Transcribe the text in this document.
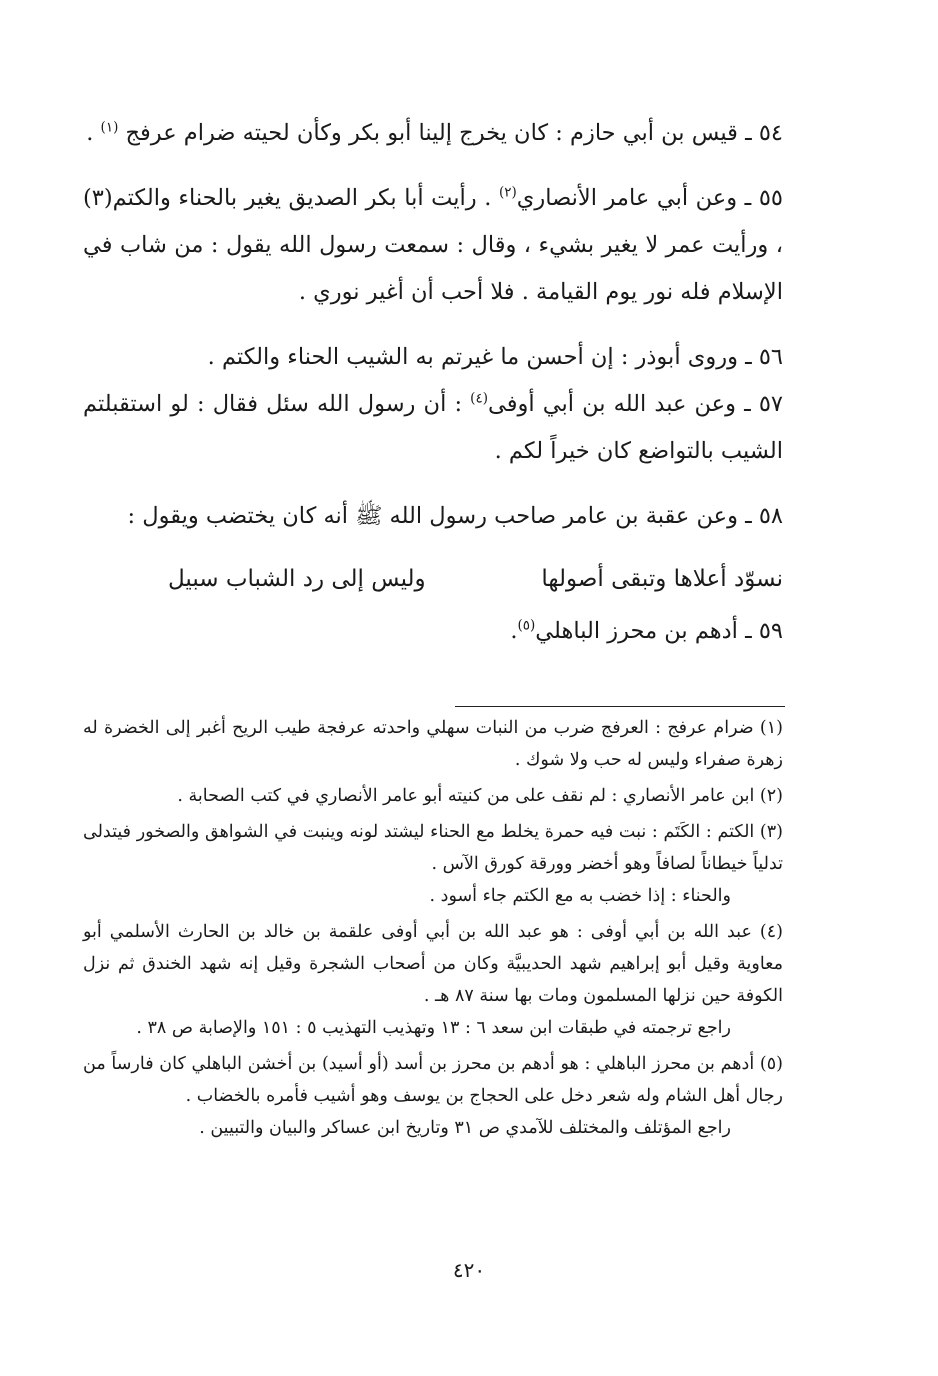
٥٤ ـ قيس بن أبي حازم : كان يخرج إلينا أبو بكر وكأن لحيته ضرام عرفج $^{(١)}$ .

٥٥ ـ وعن أبي عامر الأنصاري$^{(٢)}$ . رأيت أبا بكر الصديق يغير بالحناء والكتم(٣) ، ورأيت عمر لا يغير بشيء ، وقال : سمعت رسول الله يقول : من شاب في الإسلام فله نور يوم القيامة . فلا أحب أن أغير نوري .

٥٦ ـ وروى أبوذر : إن أحسن ما غيرتم به الشيب الحناء والكتم .

٥٧ ـ وعن عبد الله بن أبي أوفى$^{(٤)}$ : أن رسول الله سئل فقال : لو استقبلتم الشيب بالتواضع كان خيراً لكم .

٥٨ ـ وعن عقبة بن عامر صاحب رسول الله ﷺ أنه كان يختضب ويقول :

نسوّد أعلاها وتبقى أصولها
وليس إلى رد الشباب سبيل

٥٩ ـ أدهم بن محرز الباهلي$^{(٥)}$.

(١) ضرام عرفج : العرفج ضرب من النبات سهلي واحدته عرفجة طيب الريح أغبر إلى الخضرة له زهرة صفراء وليس له حب ولا شوك .
(٢) ابن عامر الأنصاري : لم نقف على من كنيته أبو عامر الأنصاري في كتب الصحابة .
(٣) الكتم : الكَتَم : نبت فيه حمرة يخلط مع الحناء ليشتد لونه وينبت في الشواهق والصخور فيتدلى تدلياً خيطاناً لصافاً وهو أخضر وورقة كورق الآس .
والحناء : إذا خضب به مع الكتم جاء أسود .
(٤) عبد الله بن أبي أوفى : هو عبد الله بن أبي أوفى علقمة بن خالد بن الحارث الأسلمي أبو معاوية وقيل أبو إبراهيم شهد الحديبيَّة وكان من أصحاب الشجرة وقيل إنه شهد الخندق ثم نزل الكوفة حين نزلها المسلمون ومات بها سنة ٨٧ هـ .
راجع ترجمته في طبقات ابن سعد ٦ : ١٣ وتهذيب التهذيب ٥ : ١٥١ والإصابة ص ٣٨ .
(٥) أدهم بن محرز الباهلي : هو أدهم بن محرز بن أسد (أو أسيد) بن أخشن الباهلي كان فارساً من رجال أهل الشام وله شعر دخل على الحجاج بن يوسف وهو أشيب فأمره بالخضاب .
راجع المؤتلف والمختلف للآمدي ص ٣١ وتاريخ ابن عساكر والبيان والتبيين .
٤٢٠
